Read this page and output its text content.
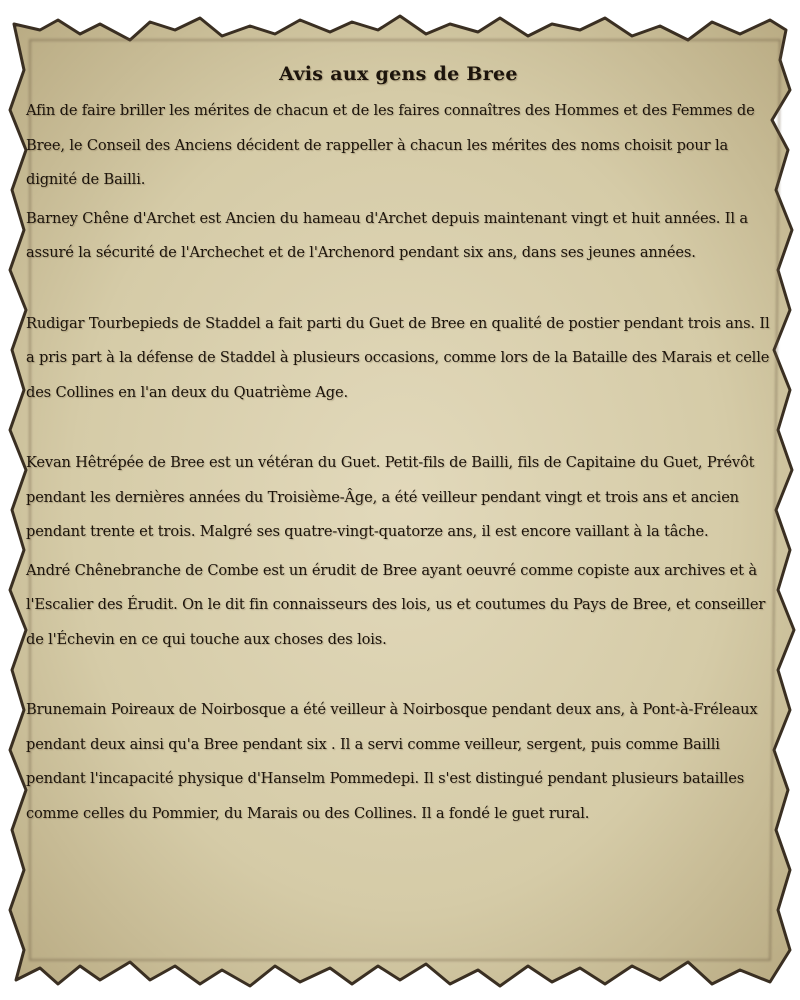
Avis aux gens de Bree

Afin de faire briller les mérites de chacun et de les faires connaîtres des Hommes et des Femmes de Bree, le Conseil des Anciens décident de rappeller à chacun les mérites des noms choisit pour la dignité de Bailli.

Barney Chêne d'Archet est Ancien du hameau d'Archet depuis maintenant vingt et huit années. Il a assuré la sécurité de l'Archechet et de l'Archenord pendant six ans, dans ses jeunes années.

Rudigar Tourbepieds de Staddel a fait parti du Guet de Bree en qualité de postier pendant trois ans. Il a pris part à la défense de Staddel à plusieurs occasions, comme lors de la Bataille des Marais et celle des Collines en l'an deux du Quatrième Age.

Kevan Hêtrépée de Bree est un vétéran du Guet. Petit-fils de Bailli, fils de Capitaine du Guet, Prévôt pendant les dernières années du Troisième-Âge, a été veilleur pendant vingt et trois ans et ancien pendant trente et trois. Malgré ses quatre-vingt-quatorze ans, il est encore vaillant à la tâche.

André Chênebranche de Combe est un érudit de Bree ayant oeuvré comme copiste aux archives et à l'Escalier des Érudit. On le dit fin connaisseurs des lois, us et coutumes du Pays de Bree, et conseiller de l'Échevin en ce qui touche aux choses des lois.

Brunemain Poireaux de Noirbosque a été veilleur à Noirbosque pendant deux ans, à Pont-à-Fréleaux pendant deux ainsi qu'a Bree pendant six . Il a servi comme veilleur, sergent, puis comme Bailli pendant l'incapacité physique d'Hanselm Pommedepi. Il s'est distingué pendant plusieurs batailles comme celles du Pommier, du Marais ou des Collines. Il a fondé le guet rural.
